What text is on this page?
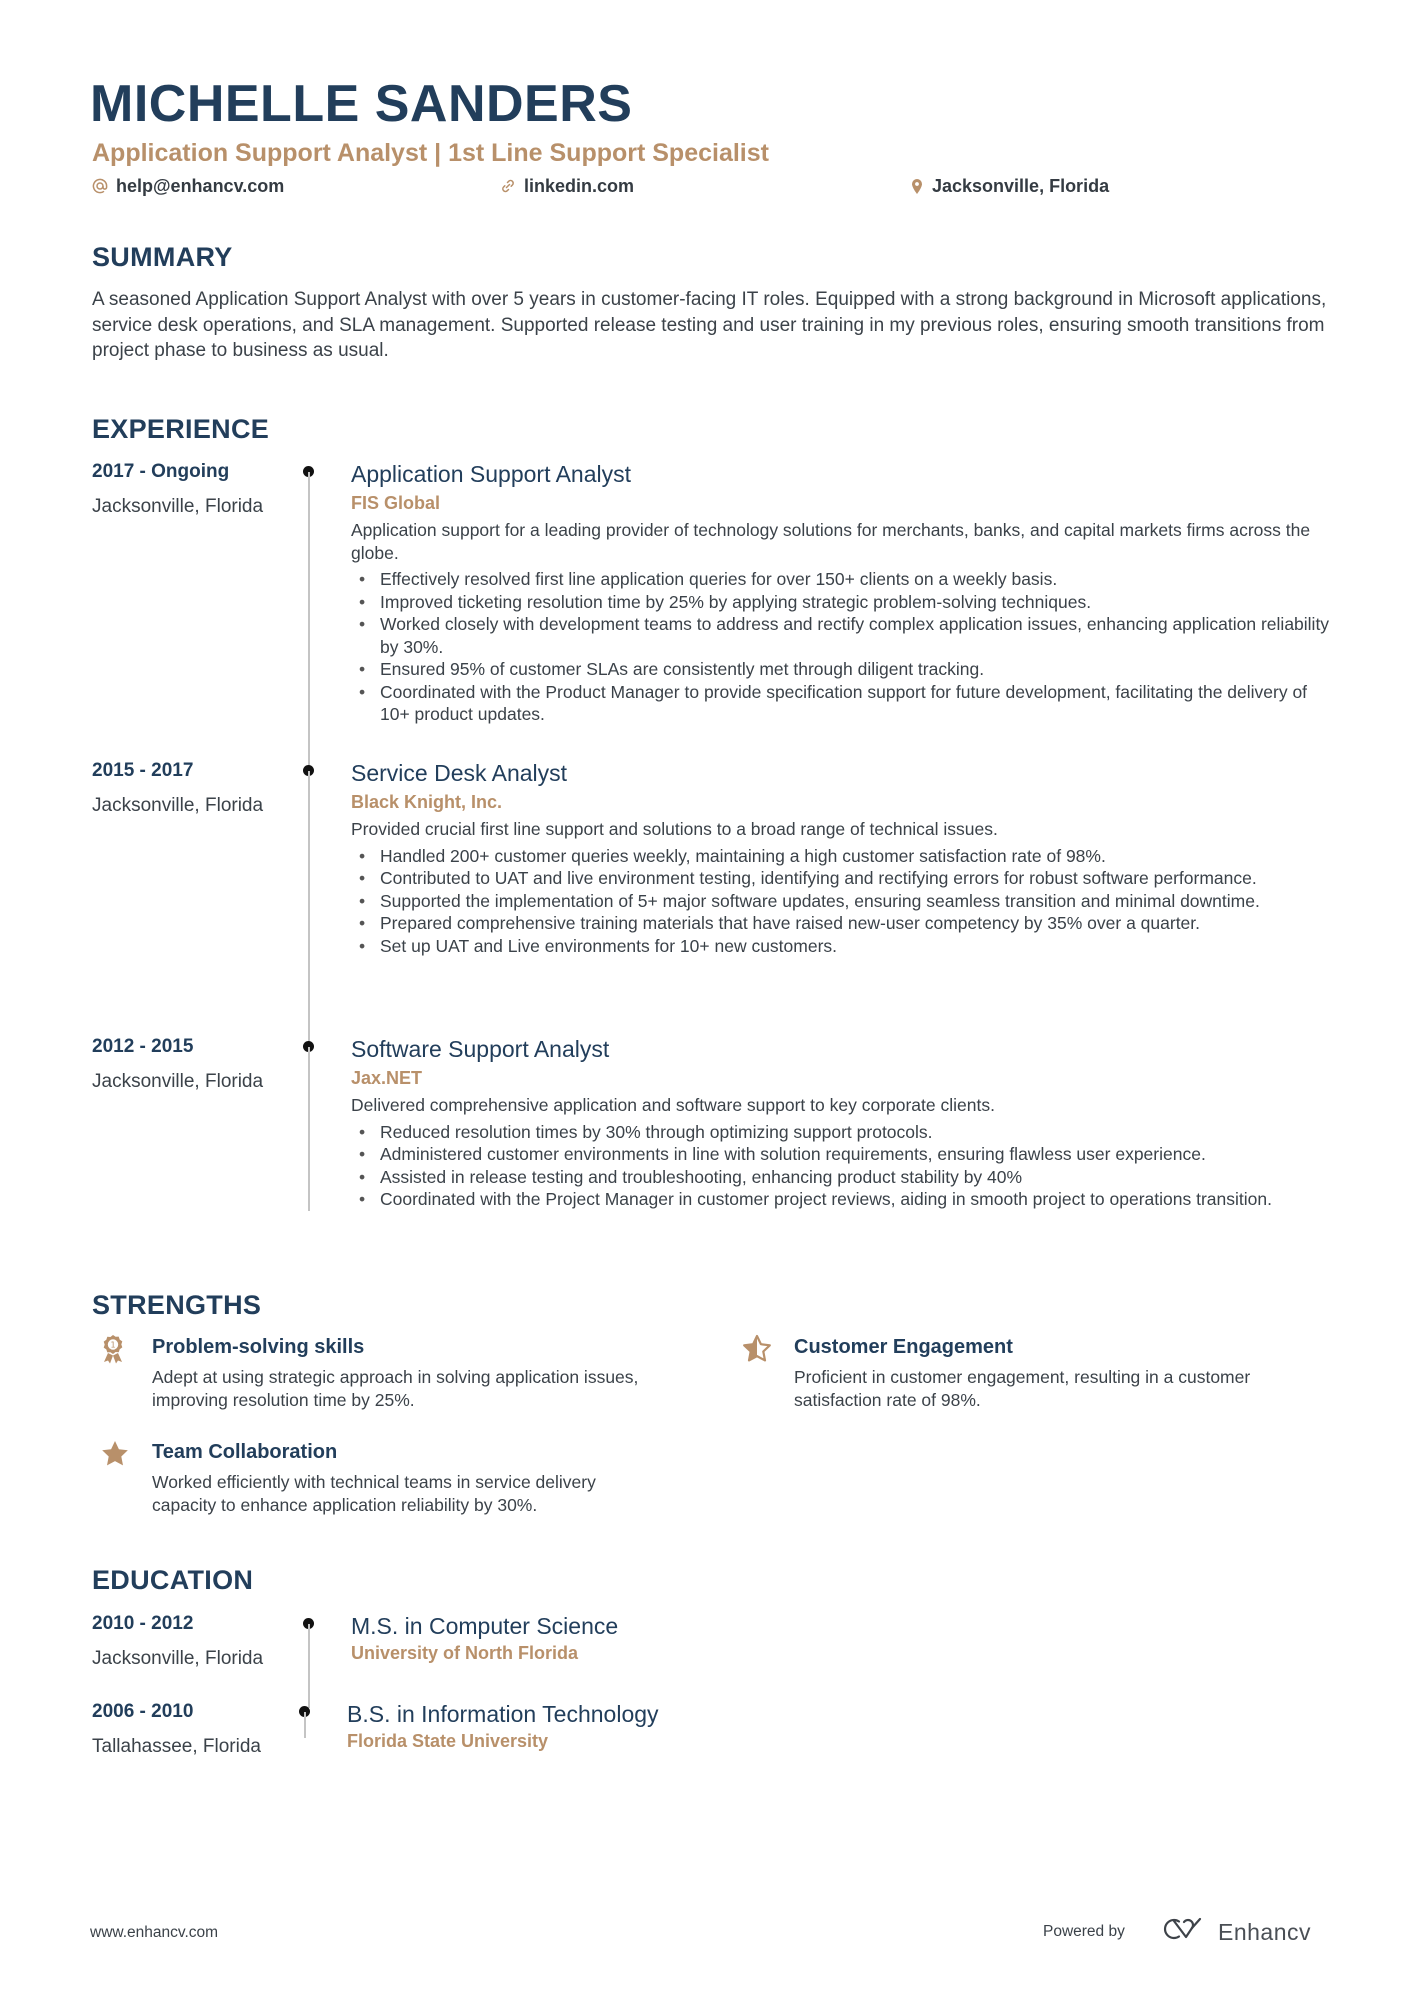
MICHELLE SANDERS
Application Support Analyst | 1st Line Support Specialist
help@enhancv.com	linkedin.com	Jacksonville, Florida
SUMMARY
A seasoned Application Support Analyst with over 5 years in customer-facing IT roles. Equipped with a strong background in Microsoft applications, service desk operations, and SLA management. Supported release testing and user training in my previous roles, ensuring smooth transitions from project phase to business as usual.
EXPERIENCE
2017 - Ongoing
Jacksonville, Florida
Application Support Analyst
FIS Global
Application support for a leading provider of technology solutions for merchants, banks, and capital markets firms across the globe.
• Effectively resolved first line application queries for over 150+ clients on a weekly basis.
• Improved ticketing resolution time by 25% by applying strategic problem-solving techniques.
• Worked closely with development teams to address and rectify complex application issues, enhancing application reliability by 30%.
• Ensured 95% of customer SLAs are consistently met through diligent tracking.
• Coordinated with the Product Manager to provide specification support for future development, facilitating the delivery of 10+ product updates.
2015 - 2017
Jacksonville, Florida
Service Desk Analyst
Black Knight, Inc.
Provided crucial first line support and solutions to a broad range of technical issues.
• Handled 200+ customer queries weekly, maintaining a high customer satisfaction rate of 98%.
• Contributed to UAT and live environment testing, identifying and rectifying errors for robust software performance.
• Supported the implementation of 5+ major software updates, ensuring seamless transition and minimal downtime.
• Prepared comprehensive training materials that have raised new-user competency by 35% over a quarter.
• Set up UAT and Live environments for 10+ new customers.
2012 - 2015
Jacksonville, Florida
Software Support Analyst
Jax.NET
Delivered comprehensive application and software support to key corporate clients.
• Reduced resolution times by 30% through optimizing support protocols.
• Administered customer environments in line with solution requirements, ensuring flawless user experience.
• Assisted in release testing and troubleshooting, enhancing product stability by 40%
• Coordinated with the Project Manager in customer project reviews, aiding in smooth project to operations transition.
STRENGTHS
1 Problem-solving skills
Adept at using strategic approach in solving application issues, improving resolution time by 25%.
Customer Engagement
Proficient in customer engagement, resulting in a customer satisfaction rate of 98%.
Team Collaboration
Worked efficiently with technical teams in service delivery capacity to enhance application reliability by 30%.
EDUCATION
2010 - 2012
Jacksonville, Florida
M.S. in Computer Science
University of North Florida
2006 - 2010
Tallahassee, Florida
B.S. in Information Technology
Florida State University
www.enhancv.com	Powered by	Enhancv
